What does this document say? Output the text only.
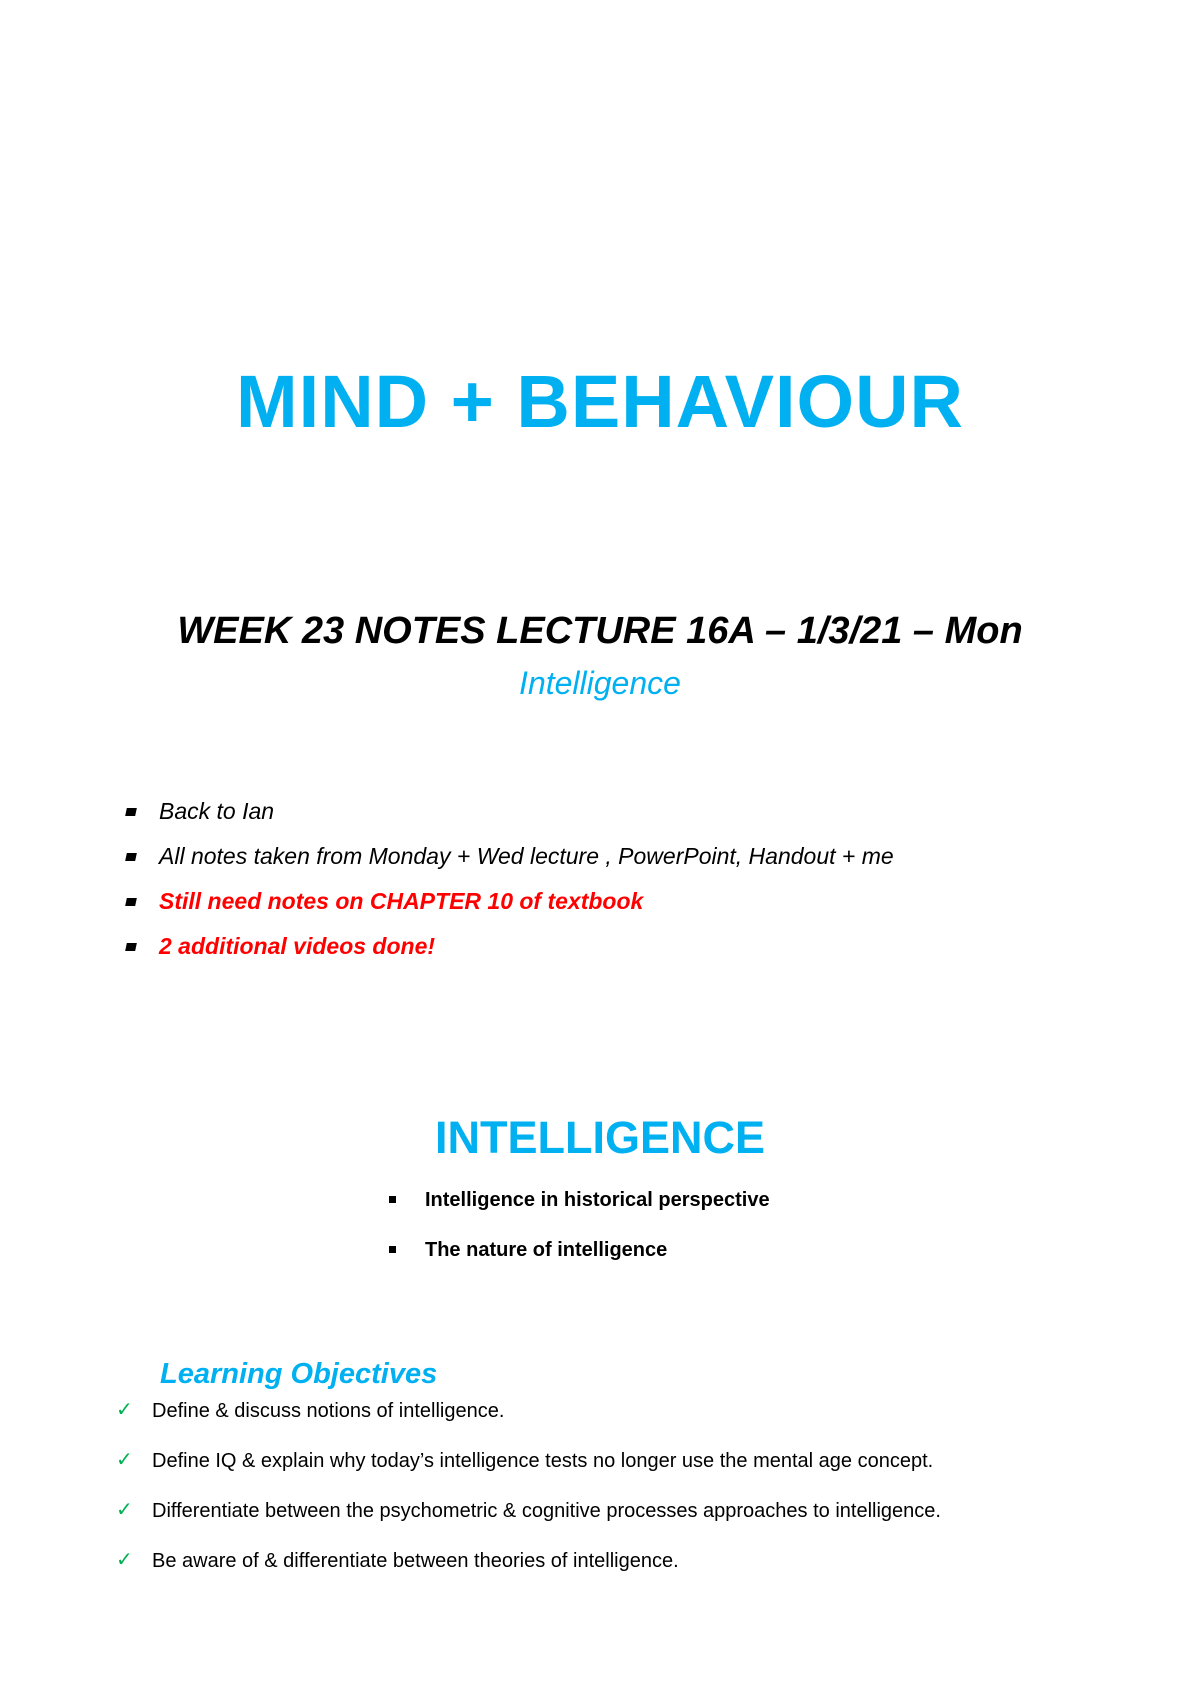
MIND + BEHAVIOUR
WEEK 23 NOTES LECTURE 16A – 1/3/21 – Mon
Intelligence
Back to Ian
All notes taken from Monday + Wed lecture , PowerPoint, Handout + me
Still need notes on CHAPTER 10 of textbook
2 additional videos done!
INTELLIGENCE
Intelligence in historical perspective
The nature of intelligence
Learning Objectives
✓ Define & discuss notions of intelligence.
✓ Define IQ & explain why today’s intelligence tests no longer use the mental age concept.
✓ Differentiate between the psychometric & cognitive processes approaches to intelligence.
✓ Be aware of & differentiate between theories of intelligence.
